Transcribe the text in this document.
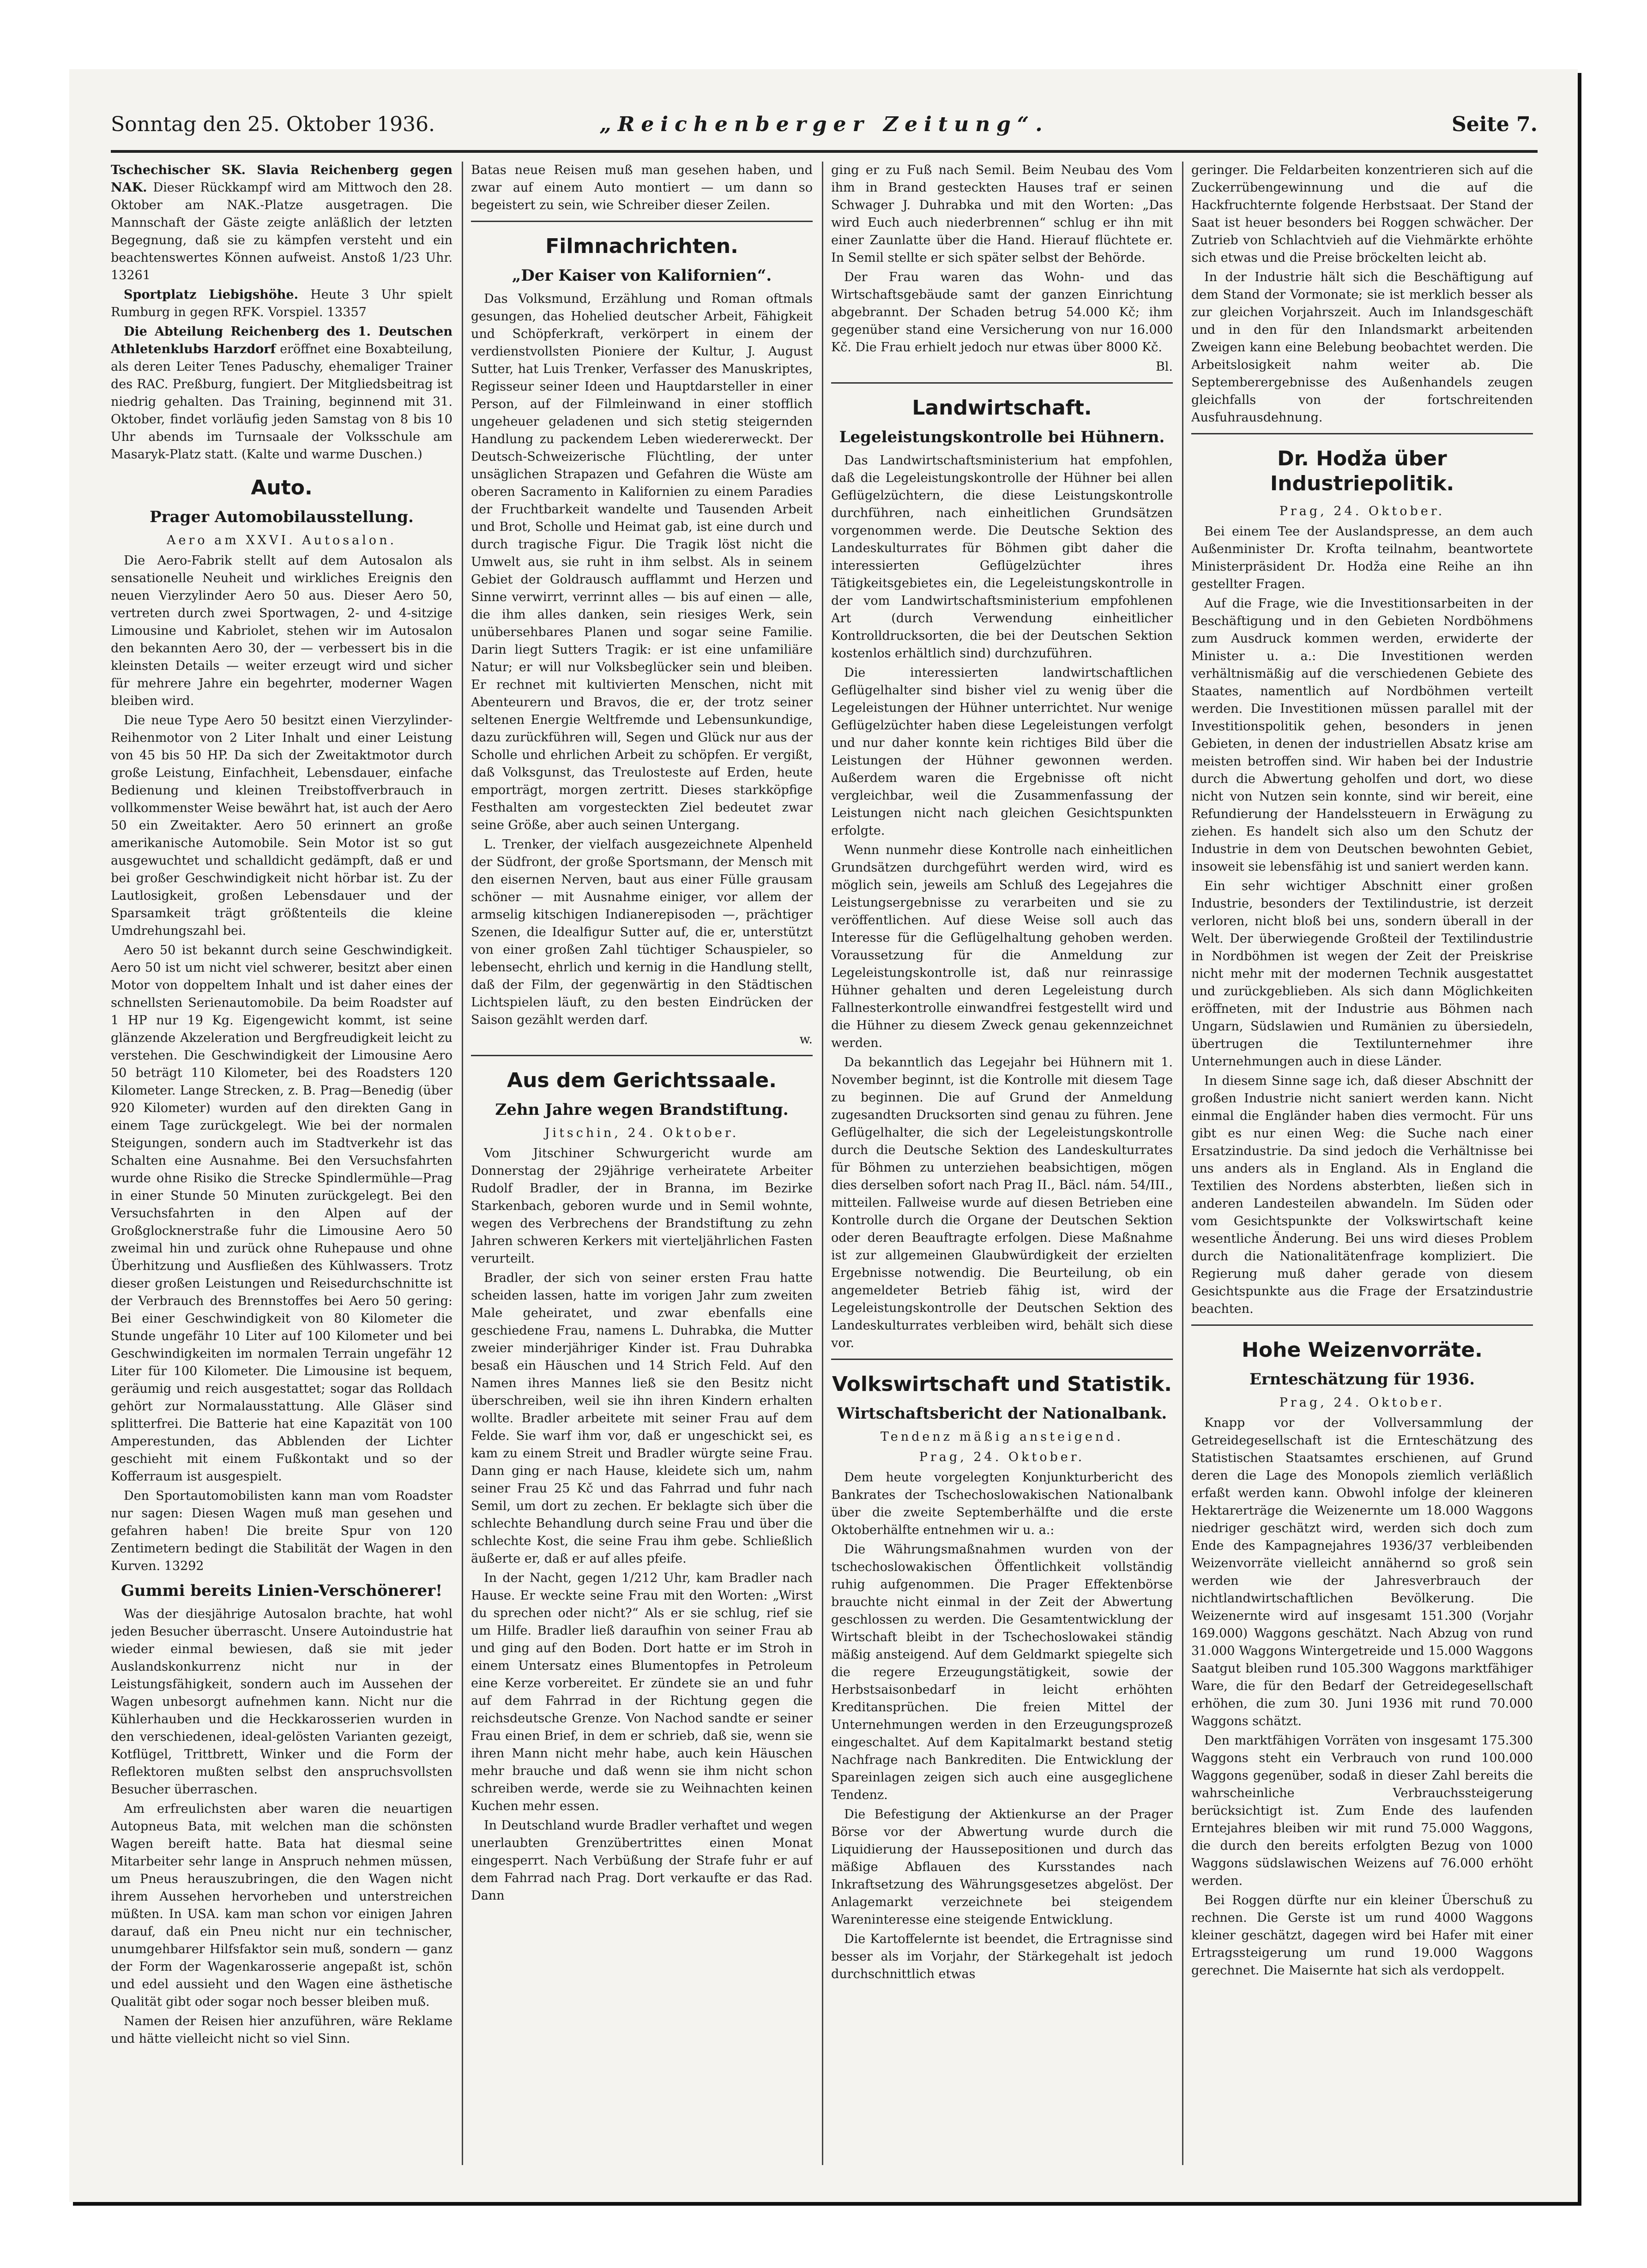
Sonntag den 25. Oktober 1936.	„Reichenberger Zeitung“.	Seite 7.

Tschechischer SK. Slavia Reichenberg gegen NAK. Dieser Rückkampf wird am Mittwoch den 28. Oktober am NAK.-Platze ausgetragen. Die Mannschaft der Gäste zeigte anläßlich der letzten Begegnung, daß sie zu kämpfen versteht und ein beachtenswertes Können aufweist. Anstoß 1/23 Uhr. 13261

Sportplatz Liebigshöhe. Heute 3 Uhr spielt Rumburg in gegen RFK. Vorspiel. 13357

Die Abteilung Reichenberg des 1. Deutschen Athletenklubs Harzdorf eröffnet eine Boxabteilung, als deren Leiter Tenes Paduschy, ehemaliger Trainer des RAC. Preßburg, fungiert. Der Mitgliedsbeitrag ist niedrig gehalten. Das Training, beginnend mit 31. Oktober, findet vorläufig jeden Samstag von 8 bis 10 Uhr abends im Turnsaale der Volksschule am Masaryk-Platz statt. (Kalte und warme Duschen.)

Auto.
Prager Automobilausstellung.
Aero am XXVI. Autosalon.

Die Aero-Fabrik stellt auf dem Autosalon als sensationelle Neuheit und wirkliches Ereignis den neuen Vierzylinder Aero 50 aus. Dieser Aero 50, vertreten durch zwei Sportwagen, 2- und 4-sitzige Limousine und Kabriolet, stehen wir im Autosalon den bekannten Aero 30, der — verbessert bis in die kleinsten Details — weiter erzeugt wird und sicher für mehrere Jahre ein begehrter, moderner Wagen bleiben wird.

Die neue Type Aero 50 besitzt einen Vierzylinder-Reihenmotor von 2 Liter Inhalt und einer Leistung von 45 bis 50 HP. Da sich der Zweitaktmotor durch große Leistung, Einfachheit, Lebensdauer, einfache Bedienung und kleinen Treibstoffverbrauch in vollkommenster Weise bewährt hat, ist auch der Aero 50 ein Zweitakter. Aero 50 erinnert an große amerikanische Automobile. Sein Motor ist so gut ausgewuchtet und schalldicht gedämpft, daß er und bei großer Geschwindigkeit nicht hörbar ist. Zu der Lautlosigkeit, großen Lebensdauer und der Sparsamkeit trägt größtenteils die kleine Umdrehungszahl bei.

Aero 50 ist bekannt durch seine Geschwindigkeit. Aero 50 ist um nicht viel schwerer, besitzt aber einen Motor von doppeltem Inhalt und ist daher eines der schnellsten Serienautomobile. Da beim Roadster auf 1 HP nur 19 Kg. Eigengewicht kommt, ist seine glänzende Akzeleration und Bergfreudigkeit leicht zu verstehen. Die Geschwindigkeit der Limousine Aero 50 beträgt 110 Kilometer, bei des Roadsters 120 Kilometer. Lange Strecken, z. B. Prag—Benedig (über 920 Kilometer) wurden auf den direkten Gang in einem Tage zurückgelegt. Wie bei der normalen Steigungen, sondern auch im Stadtverkehr ist das Schalten eine Ausnahme. Bei den Versuchsfahrten wurde ohne Risiko die Strecke Spindlermühle—Prag in einer Stunde 50 Minuten zurückgelegt. Bei den Versuchsfahrten in den Alpen auf der Großglocknerstraße fuhr die Limousine Aero 50 zweimal hin und zurück ohne Ruhepause und ohne Überhitzung und Ausfließen des Kühlwassers. Trotz dieser großen Leistungen und Reisedurchschnitte ist der Verbrauch des Brennstoffes bei Aero 50 gering: Bei einer Geschwindigkeit von 80 Kilometer die Stunde ungefähr 10 Liter auf 100 Kilometer und bei Geschwindigkeiten im normalen Terrain ungefähr 12 Liter für 100 Kilometer. Die Limousine ist bequem, geräumig und reich ausgestattet; sogar das Rolldach gehört zur Normalausstattung. Alle Gläser sind splitterfrei. Die Batterie hat eine Kapazität von 100 Amperestunden, das Abblenden der Lichter geschieht mit einem Fußkontakt und so der Kofferraum ist ausgespielt.

Den Sportautomobilisten kann man vom Roadster nur sagen: Diesen Wagen muß man gesehen und gefahren haben! Die breite Spur von 120 Zentimetern bedingt die Stabilität der Wagen in den Kurven. 13292

Gummi bereits Linien-Verschönerer!

Was der diesjährige Autosalon brachte, hat wohl jeden Besucher überrascht. Unsere Autoindustrie hat wieder einmal bewiesen, daß sie mit jeder Auslandskonkurrenz nicht nur in der Leistungsfähigkeit, sondern auch im Aussehen der Wagen unbesorgt aufnehmen kann. Nicht nur die Kühlerhauben und die Heckkarosserien wurden in den verschiedenen, ideal-gelösten Varianten gezeigt, Kotflügel, Trittbrett, Winker und die Form der Reflektoren mußten selbst den anspruchsvollsten Besucher überraschen.

Am erfreulichsten aber waren die neuartigen Autopneus Bata, mit welchen man die schönsten Wagen bereift hatte. Bata hat diesmal seine Mitarbeiter sehr lange in Anspruch nehmen müssen, um Pneus herauszubringen, die den Wagen nicht ihrem Aussehen hervorheben und unterstreichen müßten. In USA. kam man schon vor einigen Jahren darauf, daß ein Pneu nicht nur ein technischer, unumgehbarer Hilfsfaktor sein muß, sondern — ganz der Form der Wagenkarosserie angepaßt ist, schön und edel aussieht und den Wagen eine ästhetische Qualität gibt oder sogar noch besser bleiben muß.

Namen der Reisen hier anzuführen, wäre Reklame und hätte vielleicht nicht so viel Sinn.

Batas neue Reisen muß man gesehen haben, und zwar auf einem Auto montiert — um dann so begeistert zu sein, wie Schreiber dieser Zeilen.

Filmnachrichten.
„Der Kaiser von Kalifornien“.

Das Volksmund, Erzählung und Roman oftmals gesungen, das Hohelied deutscher Arbeit, Fähigkeit und Schöpferkraft, verkörpert in einem der verdienstvollsten Pioniere der Kultur, J. August Sutter, hat Luis Trenker, Verfasser des Manuskriptes, Regisseur seiner Ideen und Hauptdarsteller in einer Person, auf der Filmleinwand in einer stofflich ungeheuer geladenen und sich stetig steigernden Handlung zu packendem Leben wiedererweckt. Der Deutsch-Schweizerische Flüchtling, der unter unsäglichen Strapazen und Gefahren die Wüste am oberen Sacramento in Kalifornien zu einem Paradies der Fruchtbarkeit wandelte und Tausenden Arbeit und Brot, Scholle und Heimat gab, ist eine durch und durch tragische Figur. Die Tragik löst nicht die Umwelt aus, sie ruht in ihm selbst. Als in seinem Gebiet der Goldrausch aufflammt und Herzen und Sinne verwirrt, verrinnt alles — bis auf einen — alle, die ihm alles danken, sein riesiges Werk, sein unübersehbares Planen und sogar seine Familie. Darin liegt Sutters Tragik: er ist eine unfamiliäre Natur; er will nur Volksbeglücker sein und bleiben. Er rechnet mit kultivierten Menschen, nicht mit Abenteurern und Bravos, die er, der trotz seiner seltenen Energie Weltfremde und Lebensunkundige, dazu zurückführen will, Segen und Glück nur aus der Scholle und ehrlichen Arbeit zu schöpfen. Er vergißt, daß Volksgunst, das Treulosteste auf Erden, heute emporträgt, morgen zertritt. Dieses starkköpfige Festhalten am vorgesteckten Ziel bedeutet zwar seine Größe, aber auch seinen Untergang.

L. Trenker, der vielfach ausgezeichnete Alpenheld der Südfront, der große Sportsmann, der Mensch mit den eisernen Nerven, baut aus einer Fülle grausam schöner — mit Ausnahme einiger, vor allem der armselig kitschigen Indianerepisoden —, prächtiger Szenen, die Idealfigur Sutter auf, die er, unterstützt von einer großen Zahl tüchtiger Schauspieler, so lebensecht, ehrlich und kernig in die Handlung stellt, daß der Film, der gegenwärtig in den Städtischen Lichtspielen läuft, zu den besten Eindrücken der Saison gezählt werden darf.

w.
Aus dem Gerichtssaale.
Zehn Jahre wegen Brandstiftung.
Jitschin, 24. Oktober.

Vom Jitschiner Schwurgericht wurde am Donnerstag der 29jährige verheiratete Arbeiter Rudolf Bradler, der in Branna, im Bezirke Starkenbach, geboren wurde und in Semil wohnte, wegen des Verbrechens der Brandstiftung zu zehn Jahren schweren Kerkers mit vierteljährlichen Fasten verurteilt.

Bradler, der sich von seiner ersten Frau hatte scheiden lassen, hatte im vorigen Jahr zum zweiten Male geheiratet, und zwar ebenfalls eine geschiedene Frau, namens L. Duhrabka, die Mutter zweier minderjähriger Kinder ist. Frau Duhrabka besaß ein Häuschen und 14 Strich Feld. Auf den Namen ihres Mannes ließ sie den Besitz nicht überschreiben, weil sie ihn ihren Kindern erhalten wollte. Bradler arbeitete mit seiner Frau auf dem Felde. Sie warf ihm vor, daß er ungeschickt sei, es kam zu einem Streit und Bradler würgte seine Frau. Dann ging er nach Hause, kleidete sich um, nahm seiner Frau 25 Kč und das Fahrrad und fuhr nach Semil, um dort zu zechen. Er beklagte sich über die schlechte Behandlung durch seine Frau und über die schlechte Kost, die seine Frau ihm gebe. Schließlich äußerte er, daß er auf alles pfeife.

In der Nacht, gegen 1/212 Uhr, kam Bradler nach Hause. Er weckte seine Frau mit den Worten: „Wirst du sprechen oder nicht?“ Als er sie schlug, rief sie um Hilfe. Bradler ließ daraufhin von seiner Frau ab und ging auf den Boden. Dort hatte er im Stroh in einem Untersatz eines Blumentopfes in Petroleum eine Kerze vorbereitet. Er zündete sie an und fuhr auf dem Fahrrad in der Richtung gegen die reichsdeutsche Grenze. Von Nachod sandte er seiner Frau einen Brief, in dem er schrieb, daß sie, wenn sie ihren Mann nicht mehr habe, auch kein Häuschen mehr brauche und daß wenn sie ihm nicht schon schreiben werde, werde sie zu Weihnachten keinen Kuchen mehr essen.

In Deutschland wurde Bradler verhaftet und wegen unerlaubten Grenzübertrittes einen Monat eingesperrt. Nach Verbüßung der Strafe fuhr er auf dem Fahrrad nach Prag. Dort verkaufte er das Rad. Dann

ging er zu Fuß nach Semil. Beim Neubau des Vom ihm in Brand gesteckten Hauses traf er seinen Schwager J. Duhrabka und mit den Worten: „Das wird Euch auch niederbrennen“ schlug er ihn mit einer Zaunlatte über die Hand. Hierauf flüchtete er. In Semil stellte er sich später selbst der Behörde.

Der Frau waren das Wohn- und das Wirtschaftsgebäude samt der ganzen Einrichtung abgebrannt. Der Schaden betrug 54.000 Kč; ihm gegenüber stand eine Versicherung von nur 16.000 Kč. Die Frau erhielt jedoch nur etwas über 8000 Kč.

Bl.
Landwirtschaft.
Legeleistungskontrolle bei Hühnern.

Das Landwirtschaftsministerium hat empfohlen, daß die Legeleistungskontrolle der Hühner bei allen Geflügelzüchtern, die diese Leistungskontrolle durchführen, nach einheitlichen Grundsätzen vorgenommen werde. Die Deutsche Sektion des Landeskulturrates für Böhmen gibt daher die interessierten Geflügelzüchter ihres Tätigkeitsgebietes ein, die Legeleistungskontrolle in der vom Landwirtschaftsministerium empfohlenen Art (durch Verwendung einheitlicher Kontrolldrucksorten, die bei der Deutschen Sektion kostenlos erhältlich sind) durchzuführen.

Die interessierten landwirtschaftlichen Geflügelhalter sind bisher viel zu wenig über die Legeleistungen der Hühner unterrichtet. Nur wenige Geflügelzüchter haben diese Legeleistungen verfolgt und nur daher konnte kein richtiges Bild über die Leistungen der Hühner gewonnen werden. Außerdem waren die Ergebnisse oft nicht vergleichbar, weil die Zusammenfassung der Leistungen nicht nach gleichen Gesichtspunkten erfolgte.

Wenn nunmehr diese Kontrolle nach einheitlichen Grundsätzen durchgeführt werden wird, wird es möglich sein, jeweils am Schluß des Legejahres die Leistungsergebnisse zu verarbeiten und sie zu veröffentlichen. Auf diese Weise soll auch das Interesse für die Geflügelhaltung gehoben werden. Voraussetzung für die Anmeldung zur Legeleistungskontrolle ist, daß nur reinrassige Hühner gehalten und deren Legeleistung durch Fallnesterkontrolle einwandfrei festgestellt wird und die Hühner zu diesem Zweck genau gekennzeichnet werden.

Da bekanntlich das Legejahr bei Hühnern mit 1. November beginnt, ist die Kontrolle mit diesem Tage zu beginnen. Die auf Grund der Anmeldung zugesandten Drucksorten sind genau zu führen. Jene Geflügelhalter, die sich der Legeleistungskontrolle durch die Deutsche Sektion des Landeskulturrates für Böhmen zu unterziehen beabsichtigen, mögen dies derselben sofort nach Prag II., Bäcl. nám. 54/III., mitteilen. Fallweise wurde auf diesen Betrieben eine Kontrolle durch die Organe der Deutschen Sektion oder deren Beauftragte erfolgen. Diese Maßnahme ist zur allgemeinen Glaubwürdigkeit der erzielten Ergebnisse notwendig. Die Beurteilung, ob ein angemeldeter Betrieb fähig ist, wird der Legeleistungskontrolle der Deutschen Sektion des Landeskulturrates verbleiben wird, behält sich diese vor.

Volkswirtschaft und Statistik.
Wirtschaftsbericht der Nationalbank.
Tendenz mäßig ansteigend.
Prag, 24. Oktober.

Dem heute vorgelegten Konjunkturbericht des Bankrates der Tschechoslowakischen Nationalbank über die zweite Septemberhälfte und die erste Oktoberhälfte entnehmen wir u. a.:

Die Währungsmaßnahmen wurden von der tschechoslowakischen Öffentlichkeit vollständig ruhig aufgenommen. Die Prager Effektenbörse brauchte nicht einmal in der Zeit der Abwertung geschlossen zu werden. Die Gesamtentwicklung der Wirtschaft bleibt in der Tschechoslowakei ständig mäßig ansteigend. Auf dem Geldmarkt spiegelte sich die regere Erzeugungstätigkeit, sowie der Herbstsaisonbedarf in leicht erhöhten Kreditansprüchen. Die freien Mittel der Unternehmungen werden in den Erzeugungsprozeß eingeschaltet. Auf dem Kapitalmarkt bestand stetig Nachfrage nach Bankrediten. Die Entwicklung der Spareinlagen zeigen sich auch eine ausgeglichene Tendenz.

Die Befestigung der Aktienkurse an der Prager Börse vor der Abwertung wurde durch die Liquidierung der Haussepositionen und durch das mäßige Abflauen des Kursstandes nach Inkraftsetzung des Währungsgesetzes abgelöst. Der Anlagemarkt verzeichnete bei steigendem Wareninteresse eine steigende Entwicklung.

Die Kartoffelernte ist beendet, die Ertragnisse sind besser als im Vorjahr, der Stärkegehalt ist jedoch durchschnittlich etwas

geringer. Die Feldarbeiten konzentrieren sich auf die Zuckerrübengewinnung und die auf die Hackfruchternte folgende Herbstsaat. Der Stand der Saat ist heuer besonders bei Roggen schwächer. Der Zutrieb von Schlachtvieh auf die Viehmärkte erhöhte sich etwas und die Preise bröckelten leicht ab.

In der Industrie hält sich die Beschäftigung auf dem Stand der Vormonate; sie ist merklich besser als zur gleichen Vorjahrszeit. Auch im Inlandsgeschäft und in den für den Inlandsmarkt arbeitenden Zweigen kann eine Belebung beobachtet werden. Die Arbeitslosigkeit nahm weiter ab. Die Septemberergebnisse des Außenhandels zeugen gleichfalls von der fortschreitenden Ausfuhrausdehnung.

Dr. Hodža über Industriepolitik.
Prag, 24. Oktober.

Bei einem Tee der Auslandspresse, an dem auch Außenminister Dr. Krofta teilnahm, beantwortete Ministerpräsident Dr. Hodža eine Reihe an ihn gestellter Fragen.

Auf die Frage, wie die Investitionsarbeiten in der Beschäftigung und in den Gebieten Nordböhmens zum Ausdruck kommen werden, erwiderte der Minister u. a.: Die Investitionen werden verhältnismäßig auf die verschiedenen Gebiete des Staates, namentlich auf Nordböhmen verteilt werden. Die Investitionen müssen parallel mit der Investitionspolitik gehen, besonders in jenen Gebieten, in denen der industriellen Absatz krise am meisten betroffen sind. Wir haben bei der Industrie durch die Abwertung geholfen und dort, wo diese nicht von Nutzen sein konnte, sind wir bereit, eine Refundierung der Handelssteuern in Erwägung zu ziehen. Es handelt sich also um den Schutz der Industrie in dem von Deutschen bewohnten Gebiet, insoweit sie lebensfähig ist und saniert werden kann.

Ein sehr wichtiger Abschnitt einer großen Industrie, besonders der Textilindustrie, ist derzeit verloren, nicht bloß bei uns, sondern überall in der Welt. Der überwiegende Großteil der Textilindustrie in Nordböhmen ist wegen der Zeit der Preiskrise nicht mehr mit der modernen Technik ausgestattet und zurückgeblieben. Als sich dann Möglichkeiten eröffneten, mit der Industrie aus Böhmen nach Ungarn, Südslawien und Rumänien zu übersiedeln, übertrugen die Textilunternehmer ihre Unternehmungen auch in diese Länder.

In diesem Sinne sage ich, daß dieser Abschnitt der großen Industrie nicht saniert werden kann. Nicht einmal die Engländer haben dies vermocht. Für uns gibt es nur einen Weg: die Suche nach einer Ersatzindustrie. Da sind jedoch die Verhältnisse bei uns anders als in England. Als in England die Textilien des Nordens absterbten, ließen sich in anderen Landesteilen abwandeln. Im Süden oder vom Gesichtspunkte der Volkswirtschaft keine wesentliche Änderung. Bei uns wird dieses Problem durch die Nationalitätenfrage kompliziert. Die Regierung muß daher gerade von diesem Gesichtspunkte aus die Frage der Ersatzindustrie beachten.

Hohe Weizenvorräte.
Ernteschätzung für 1936.
Prag, 24. Oktober.

Knapp vor der Vollversammlung der Getreidegesellschaft ist die Ernteschätzung des Statistischen Staatsamtes erschienen, auf Grund deren die Lage des Monopols ziemlich verläßlich erfaßt werden kann. Obwohl infolge der kleineren Hektarerträge die Weizenernte um 18.000 Waggons niedriger geschätzt wird, werden sich doch zum Ende des Kampagnejahres 1936/37 verbleibenden Weizenvorräte vielleicht annähernd so groß sein werden wie der Jahresverbrauch der nichtlandwirtschaftlichen Bevölkerung. Die Weizenernte wird auf insgesamt 151.300 (Vorjahr 169.000) Waggons geschätzt. Nach Abzug von rund 31.000 Waggons Wintergetreide und 15.000 Waggons Saatgut bleiben rund 105.300 Waggons marktfähiger Ware, die für den Bedarf der Getreidegesellschaft erhöhen, die zum 30. Juni 1936 mit rund 70.000 Waggons schätzt.

Den marktfähigen Vorräten von insgesamt 175.300 Waggons steht ein Verbrauch von rund 100.000 Waggons gegenüber, sodaß in dieser Zahl bereits die wahrscheinliche Verbrauchssteigerung berücksichtigt ist. Zum Ende des laufenden Erntejahres bleiben wir mit rund 75.000 Waggons, die durch den bereits erfolgten Bezug von 1000 Waggons südslawischen Weizens auf 76.000 erhöht werden.

Bei Roggen dürfte nur ein kleiner Überschuß zu rechnen. Die Gerste ist um rund 4000 Waggons kleiner geschätzt, dagegen wird bei Hafer mit einer Ertragssteigerung um rund 19.000 Waggons gerechnet. Die Maisernte hat sich als verdoppelt.
